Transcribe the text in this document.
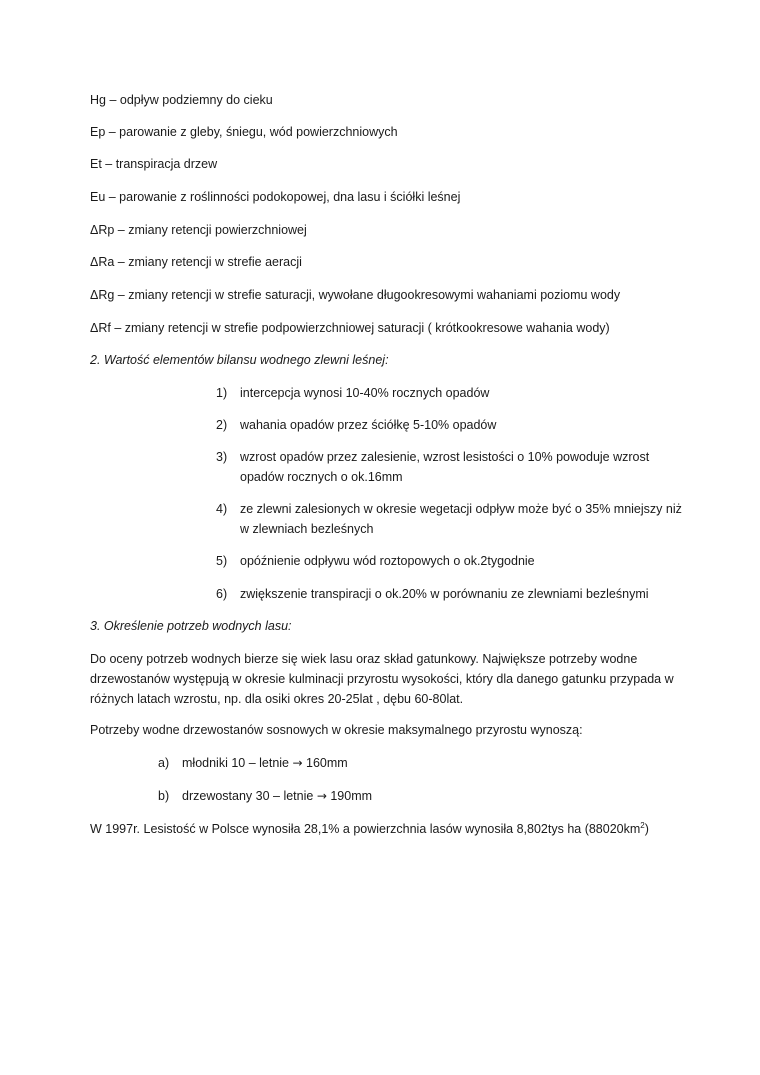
Hg – odpływ podziemny do cieku
Ep – parowanie z gleby, śniegu, wód powierzchniowych
Et – transpiracja drzew
Eu – parowanie z roślinności podokopowej, dna lasu i ściółki leśnej
ΔRp – zmiany retencji powierzchniowej
ΔRa – zmiany retencji w strefie aeracji
ΔRg – zmiany retencji w strefie saturacji, wywołane długookresowymi wahaniami poziomu wody
ΔRf – zmiany retencji w strefie podpowierzchniowej saturacji ( krótkookresowe wahania wody)
2. Wartość elementów bilansu wodnego zlewni leśnej:
1) intercepcja wynosi 10-40% rocznych opadów
2) wahania opadów przez ściółkę 5-10% opadów
3) wzrost opadów przez zalesienie, wzrost lesistości o 10% powoduje wzrost opadów rocznych o ok.16mm
4) ze zlewni zalesionych w okresie wegetacji odpływ może być o 35% mniejszy niż w zlewniach bezleśnych
5) opóźnienie odpływu wód roztopowych o ok.2tygodnie
6) zwiększenie transpiracji o ok.20% w porównaniu ze zlewniami bezleśnymi
3. Określenie potrzeb wodnych lasu:
Do oceny potrzeb wodnych bierze się wiek lasu oraz skład gatunkowy. Największe potrzeby wodne drzewostanów występują w okresie kulminacji przyrostu wysokości, który dla danego gatunku przypada w różnych latach wzrostu, np. dla osiki okres 20-25lat , dębu 60-80lat.
Potrzeby wodne drzewostanów sosnowych w okresie maksymalnego przyrostu wynoszą:
a) młodniki 10 – letnie → 160mm
b) drzewostany 30 – letnie → 190mm
W 1997r. Lesistość w Polsce wynosiła 28,1% a powierzchnia lasów wynosiła 8,802tys ha $(88020km^2)$
